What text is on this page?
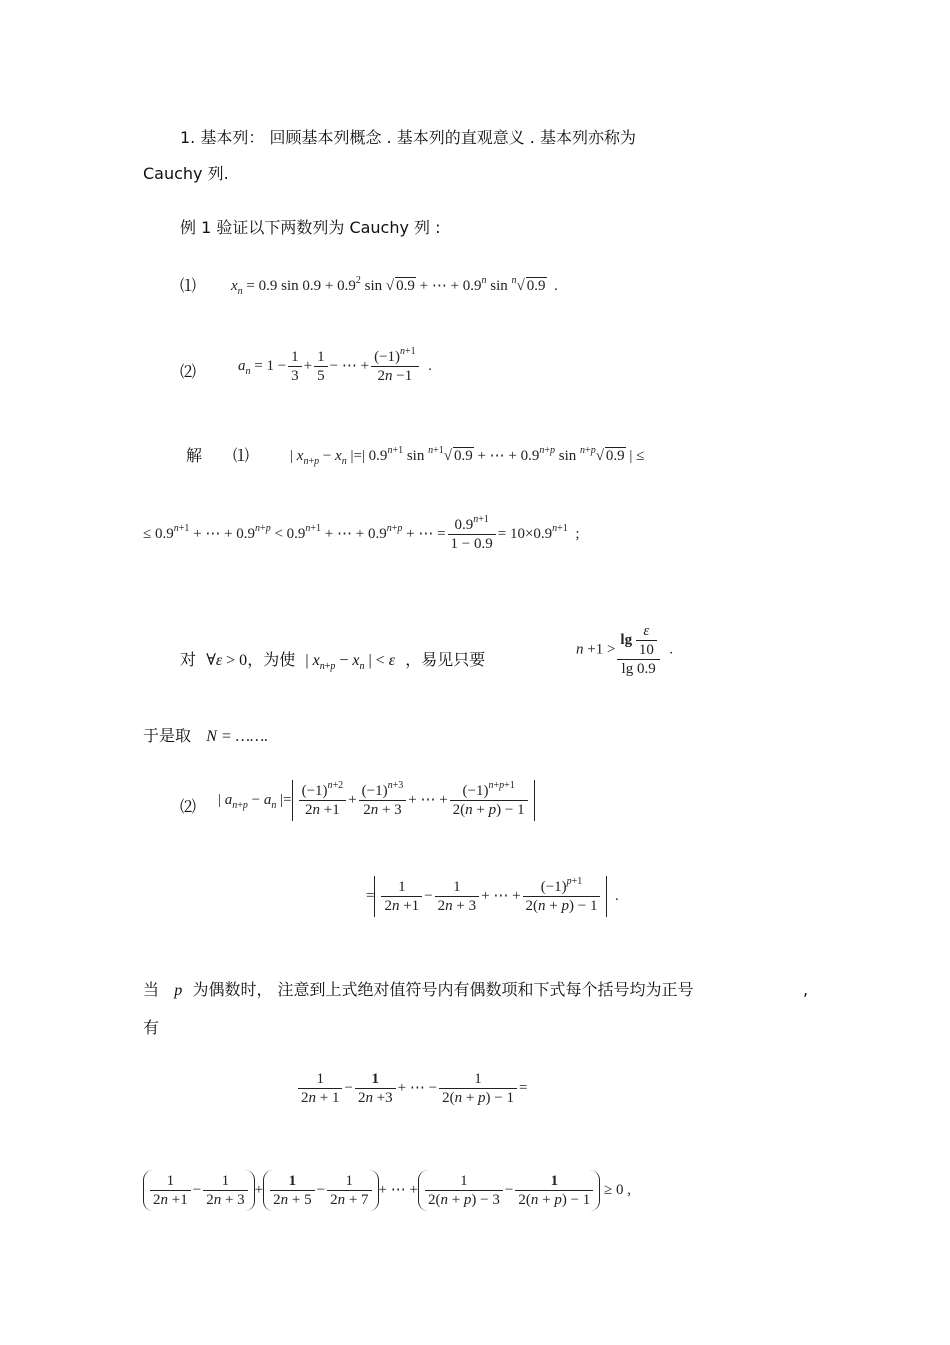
1. 基本列： 回顾基本列概念 . 基本列的直观意义 . 基本列亦称为
Cauchy 列.
例 1 验证以下两数列为 Cauchy 列 :
⑴ $x_n = 0.9$ $\sin 0.9 + 0.9^2$ sin √ 0.9 + ⋯ + $0.9^n$ sin $^n$√ 0.9  .
⑵	$a_n = 1 - \frac{1}{3} + \frac{1}{5}$ − ⋯ + $\frac{(-1)^{n+1}}{2n -1}$ .
解 ⑴	| $x_{n+p} - x_n$ |=| $0.9^{n+1}$ sin $^{n+1}$√ 0.9 + ⋯ + $0.9^{n+p}$ sin $^{n+p}$√ 0.9 | ≤
≤ $0.9^{n+1}$ + ⋯ + $0.9^{n+p} < 0.9^{n+1}$ + ⋯ + $0.9^{n+p}$ + ⋯ = $\frac{0.9^{n+1}}{1 - 0.9} = 10\times 0.9^{n+1}$  ;
对  ∀ε > 0，为使  | $x_{n+p} - x_n$ | < ε  ，易见只要
$n +1 > \frac{\lg \frac{\varepsilon}{10}}{\lg 0.9}$ .
于是取 N = …….
⑵ | $a_{n+p} - a_n$ |= $\frac{(-1)^{n+2}}{2n +1} + \frac{(-1)^{n+3}}{2n + 3}$ + ⋯ + $\frac{(-1)^{n+p+1}}{2(n + p) - 1}$
= $\frac{1}{2n +1} - \frac{1}{2n + 3}$ + ⋯ + $\frac{(-1)^{p+1}}{2(n + p) - 1}$ .
当 p 为偶数时， 注意到上式绝对值符号内有偶数项和下式每个括号均为正号	,
有
$\frac{1}{2n + 1} - \frac{1}{2n +3}$ + ⋯ − $\frac{1}{2(n + p) - 1}$ =
$\frac{1}{2n +1} - \frac{1}{2n + 3} + \frac{1}{2n + 5} - \frac{1}{2n + 7}$ + ⋯ + $\frac{1}{2(n + p) - 3} - \frac{1}{2(n + p) - 1} \ge 0$ ,
